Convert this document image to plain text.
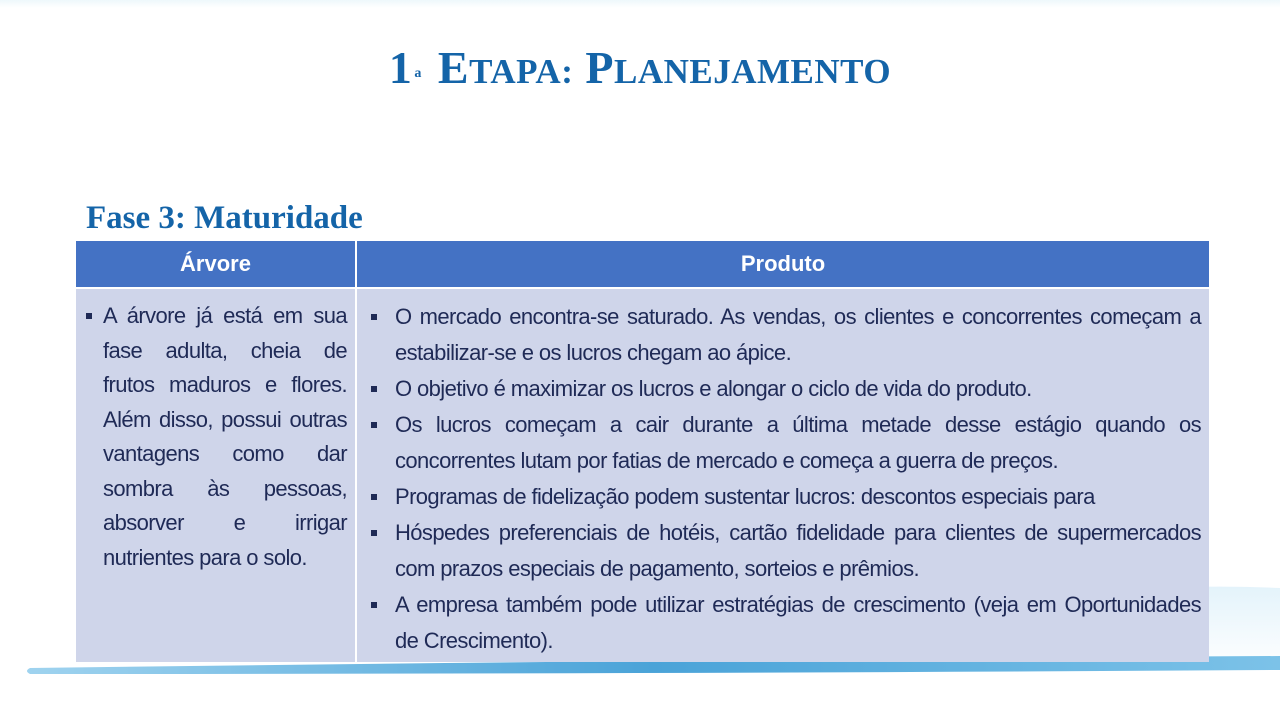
1 $^a$ ETAPA: PLANEJAMENTO
Fase 3: Maturidade
Árvore	Produto
A árvore já está em sua fase adulta, cheia de frutos maduros e flores. Além disso, possui outras vantagens como dar sombra às pessoas, absorver e irrigar nutrientes para o solo.
O mercado encontra-se saturado. As vendas, os clientes e concorrentes começam a estabilizar-se e os lucros chegam ao ápice.
O objetivo é maximizar os lucros e alongar o ciclo de vida do produto.
Os lucros começam a cair durante a última metade desse estágio quando os concorrentes lutam por fatias de mercado e começa a guerra de preços.
Programas de fidelização podem sustentar lucros: descontos especiais para
Hóspedes preferenciais de hotéis, cartão fidelidade para clientes de supermercados com prazos especiais de pagamento, sorteios e prêmios.
A empresa também pode utilizar estratégias de crescimento (veja em Oportunidades de Crescimento).
